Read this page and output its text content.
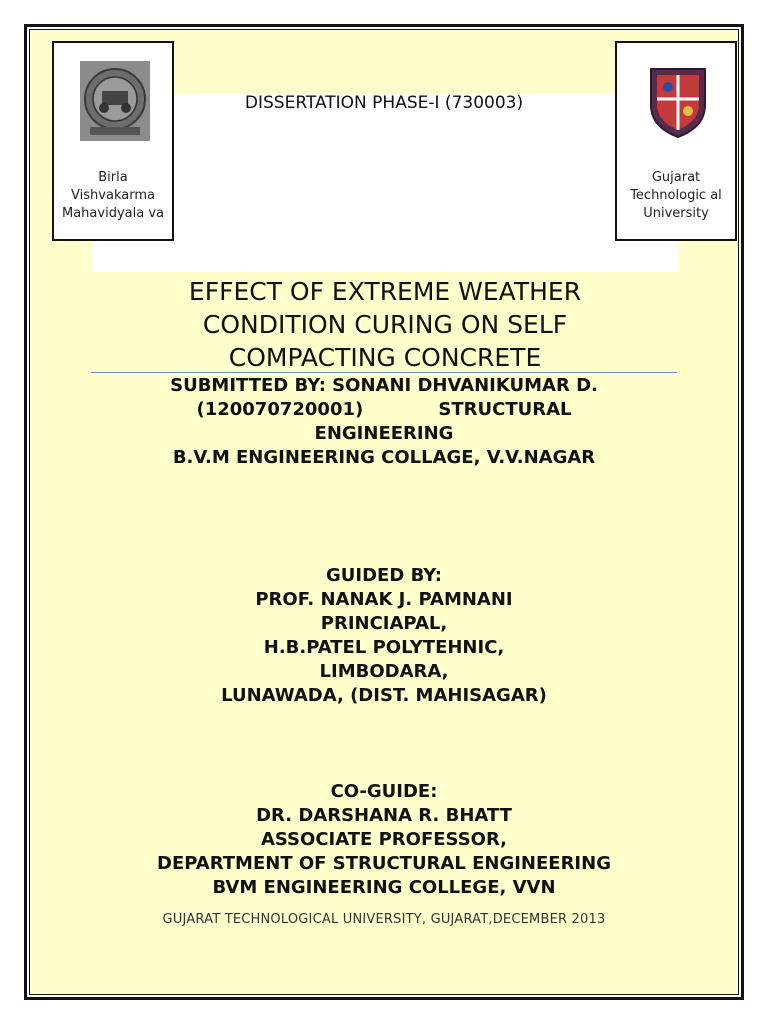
Birla Vishvakarma Mahavidyala va
Gujarat Technologic al University
DISSERTATION PHASE-I (730003)
EFFECT OF EXTREME WEATHER
CONDITION CURING ON SELF
COMPACTING CONCRETE
SUBMITTED BY: SONANI DHVANIKUMAR D.
(120070720001)            STRUCTURAL
ENGINEERING
B.V.M ENGINEERING COLLAGE, V.V.NAGAR
GUIDED BY:
PROF. NANAK J. PAMNANI
PRINCIAPAL,
H.B.PATEL POLYTEHNIC,
LIMBODARA,
LUNAWADA, (DIST. MAHISAGAR)
CO-GUIDE:
DR. DARSHANA R. BHATT
ASSOCIATE PROFESSOR,
DEPARTMENT OF STRUCTURAL ENGINEERING
BVM ENGINEERING COLLEGE, VVN
GUJARAT TECHNOLOGICAL UNIVERSITY, GUJARAT,DECEMBER 2013
